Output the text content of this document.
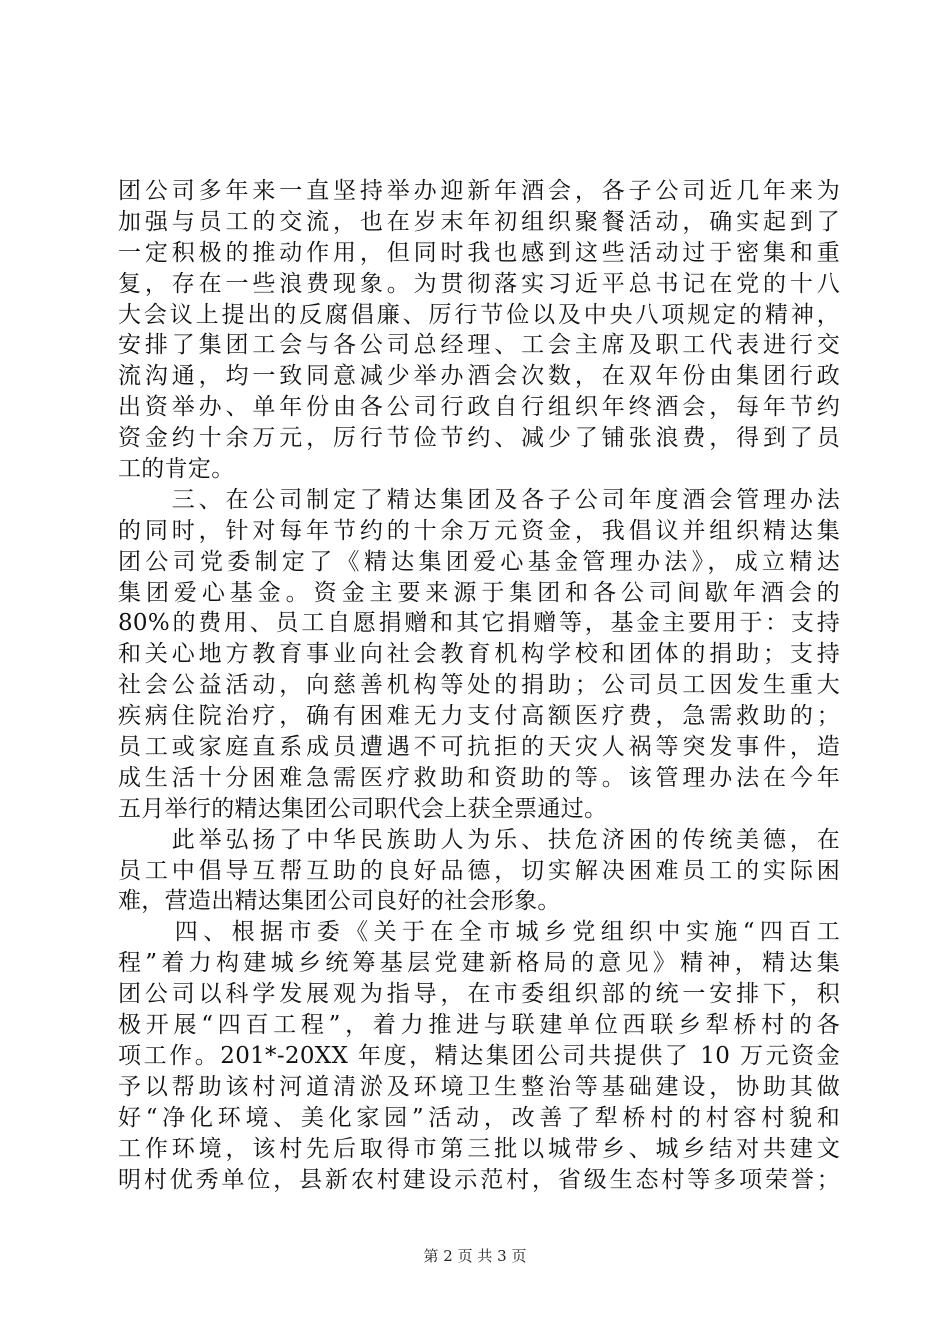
团公司多年来一直坚持举办迎新年酒会，各子公司近几年来为
加强与员工的交流，也在岁末年初组织聚餐活动，确实起到了
一定积极的推动作用，但同时我也感到这些活动过于密集和重
复，存在一些浪费现象。为贯彻落实习近平总书记在党的十八
大会议上提出的反腐倡廉、厉行节俭以及中央八项规定的精神，
安排了集团工会与各公司总经理、工会主席及职工代表进行交
流沟通，均一致同意减少举办酒会次数，在双年份由集团行政
出资举办、单年份由各公司行政自行组织年终酒会，每年节约
资金约十余万元，厉行节俭节约、减少了铺张浪费，得到了员
工的肯定。
　　三、在公司制定了精达集团及各子公司年度酒会管理办法
的同时，针对每年节约的十余万元资金，我倡议并组织精达集
团公司党委制定了《精达集团爱心基金管理办法》，成立精达
集团爱心基金。资金主要来源于集团和各公司间歇年酒会的
80%的费用、员工自愿捐赠和其它捐赠等，基金主要用于：支持
和关心地方教育事业向社会教育机构学校和团体的捐助；支持
社会公益活动，向慈善机构等处的捐助；公司员工因发生重大
疾病住院治疗，确有困难无力支付高额医疗费，急需救助的；
员工或家庭直系成员遭遇不可抗拒的天灾人祸等突发事件，造
成生活十分困难急需医疗救助和资助的等。该管理办法在今年
五月举行的精达集团公司职代会上获全票通过。
　　此举弘扬了中华民族助人为乐、扶危济困的传统美德，在
员工中倡导互帮互助的良好品德，切实解决困难员工的实际困
难，营造出精达集团公司良好的社会形象。
　　四、根据市委《关于在全市城乡党组织中实施“四百工
程”着力构建城乡统筹基层党建新格局的意见》精神，精达集
团公司以科学发展观为指导，在市委组织部的统一安排下，积
极开展“四百工程”，着力推进与联建单位西联乡犁桥村的各
项工作。201*-20XX 年度，精达集团公司共提供了 10 万元资金
予以帮助该村河道清淤及环境卫生整治等基础建设，协助其做
好“净化环境、美化家园”活动，改善了犁桥村的村容村貌和
工作环境，该村先后取得市第三批以城带乡、城乡结对共建文
明村优秀单位，县新农村建设示范村，省级生态村等多项荣誉；
第 2 页 共 3 页
